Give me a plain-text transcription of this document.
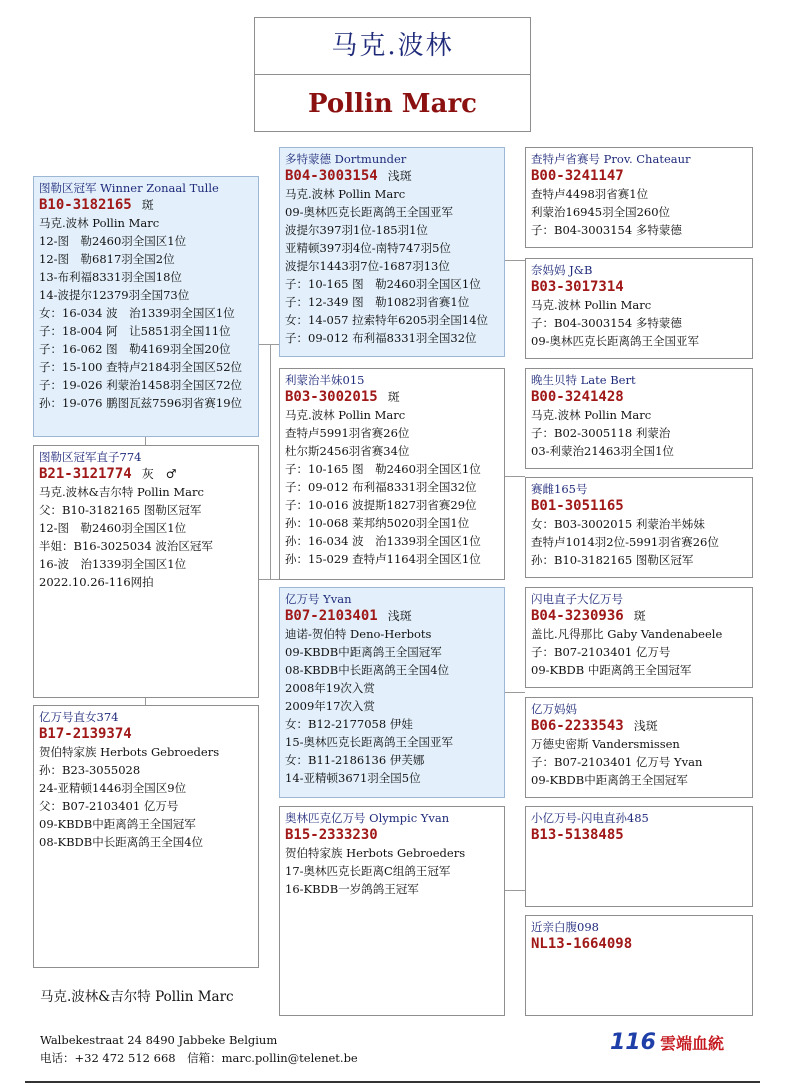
马克.波林
Pollin Marc
图勒区冠军 Winner Zonaal Tulle
B10-3182165 斑
马克.波林 Pollin Marc
12-图　勒2460羽全国区1位
12-图　勒6817羽全国2位
13-布利福8331羽全国18位
14-波提尔12379羽全国73位
女：16-034 波　治1339羽全国区1位
子：18-004 阿　让5851羽全国11位
子：16-062 图　勒4169羽全国20位
子：15-100 查特卢2184羽全国区52位
子：19-026 利蒙治1458羽全国区72位
孙：19-076 鹏图瓦兹7596羽省赛19位
图勒区冠军直子774
B21-3121774 灰　♂
马克.波林&吉尔特 Pollin Marc
父：B10-3182165 图勒区冠军
12-图　勒2460羽全国区1位
半姐：B16-3025034 波治区冠军
16-波　治1339羽全国区1位
2022.10.26-116网拍
亿万号直女374
B17-2139374
贺伯特家族 Herbots Gebroeders
孙：B23-3055028
24-亚精顿1446羽全国区9位
父：B07-2103401 亿万号
09-KBDB中距离鸽王全国冠军
08-KBDB中长距离鸽王全国4位
多特蒙德 Dortmunder
B04-3003154 浅斑
马克.波林 Pollin Marc
09-奥林匹克长距离鸽王全国亚军
波提尔397羽1位-185羽1位
亚精顿397羽4位-南特747羽5位
波提尔1443羽7位-1687羽13位
子：10-165 图　勒2460羽全国区1位
子：12-349 图　勒1082羽省赛1位
女：14-057 拉索特年6205羽全国14位
子：09-012 布利福8331羽全国32位
利蒙治半妹015
B03-3002015 斑
马克.波林 Pollin Marc
查特卢5991羽省赛26位
杜尔斯2456羽省赛34位
子：10-165 图　勒2460羽全国区1位
子：09-012 布利福8331羽全国32位
子：10-016 波提斯1827羽省赛29位
孙：10-068 莱邦纳5020羽全国1位
孙：16-034 波　治1339羽全国区1位
孙：15-029 查特卢1164羽全国区1位
亿万号 Yvan
B07-2103401 浅斑
迪诺-贺伯特 Deno-Herbots
09-KBDB中距离鸽王全国冠军
08-KBDB中长距离鸽王全国4位
2008年19次入赏
2009年17次入赏
女：B12-2177058 伊娃
15-奥林匹克长距离鸽王全国亚军
女：B11-2186136 伊芙娜
14-亚精顿3671羽全国5位
奥林匹克亿万号 Olympic Yvan
B15-2333230
贺伯特家族 Herbots Gebroeders
17-奥林匹克长距离C组鸽王冠军
16-KBDB一岁鸽鸽王冠军
查特卢省赛号 Prov. Chateaur
B00-3241147
查特卢4498羽省赛1位
利蒙治16945羽全国260位
子：B04-3003154 多特蒙德
奈妈妈 J&B
B03-3017314
马克.波林 Pollin Marc
子：B04-3003154 多特蒙德
09-奥林匹克长距离鸽王全国亚军
晚生贝特 Late Bert
B00-3241428
马克.波林 Pollin Marc
子：B02-3005118 利蒙治
03-利蒙治21463羽全国1位
赛雌165号
B01-3051165
女：B03-3002015 利蒙治半姊妹
查特卢1014羽2位-5991羽省赛26位
孙：B10-3182165 图勒区冠军
闪电直子大亿万号
B04-3230936 斑
盖比.凡得那比 Gaby Vandenabeele
子：B07-2103401 亿万号
09-KBDB 中距离鸽王全国冠军
亿万妈妈
B06-2233543 浅斑
万德史密斯 Vandersmissen
子：B07-2103401 亿万号 Yvan
09-KBDB中距离鸽王全国冠军
小亿万号-闪电直孙485
B13-5138485
近亲白腹098
NL13-1664098
马克.波林&吉尔特 Pollin Marc
Walbekestraat 24 8490 Jabbeke Belgium
电话：+32 472 512 668　信箱：marc.pollin@telenet.be
116 雲端血統
